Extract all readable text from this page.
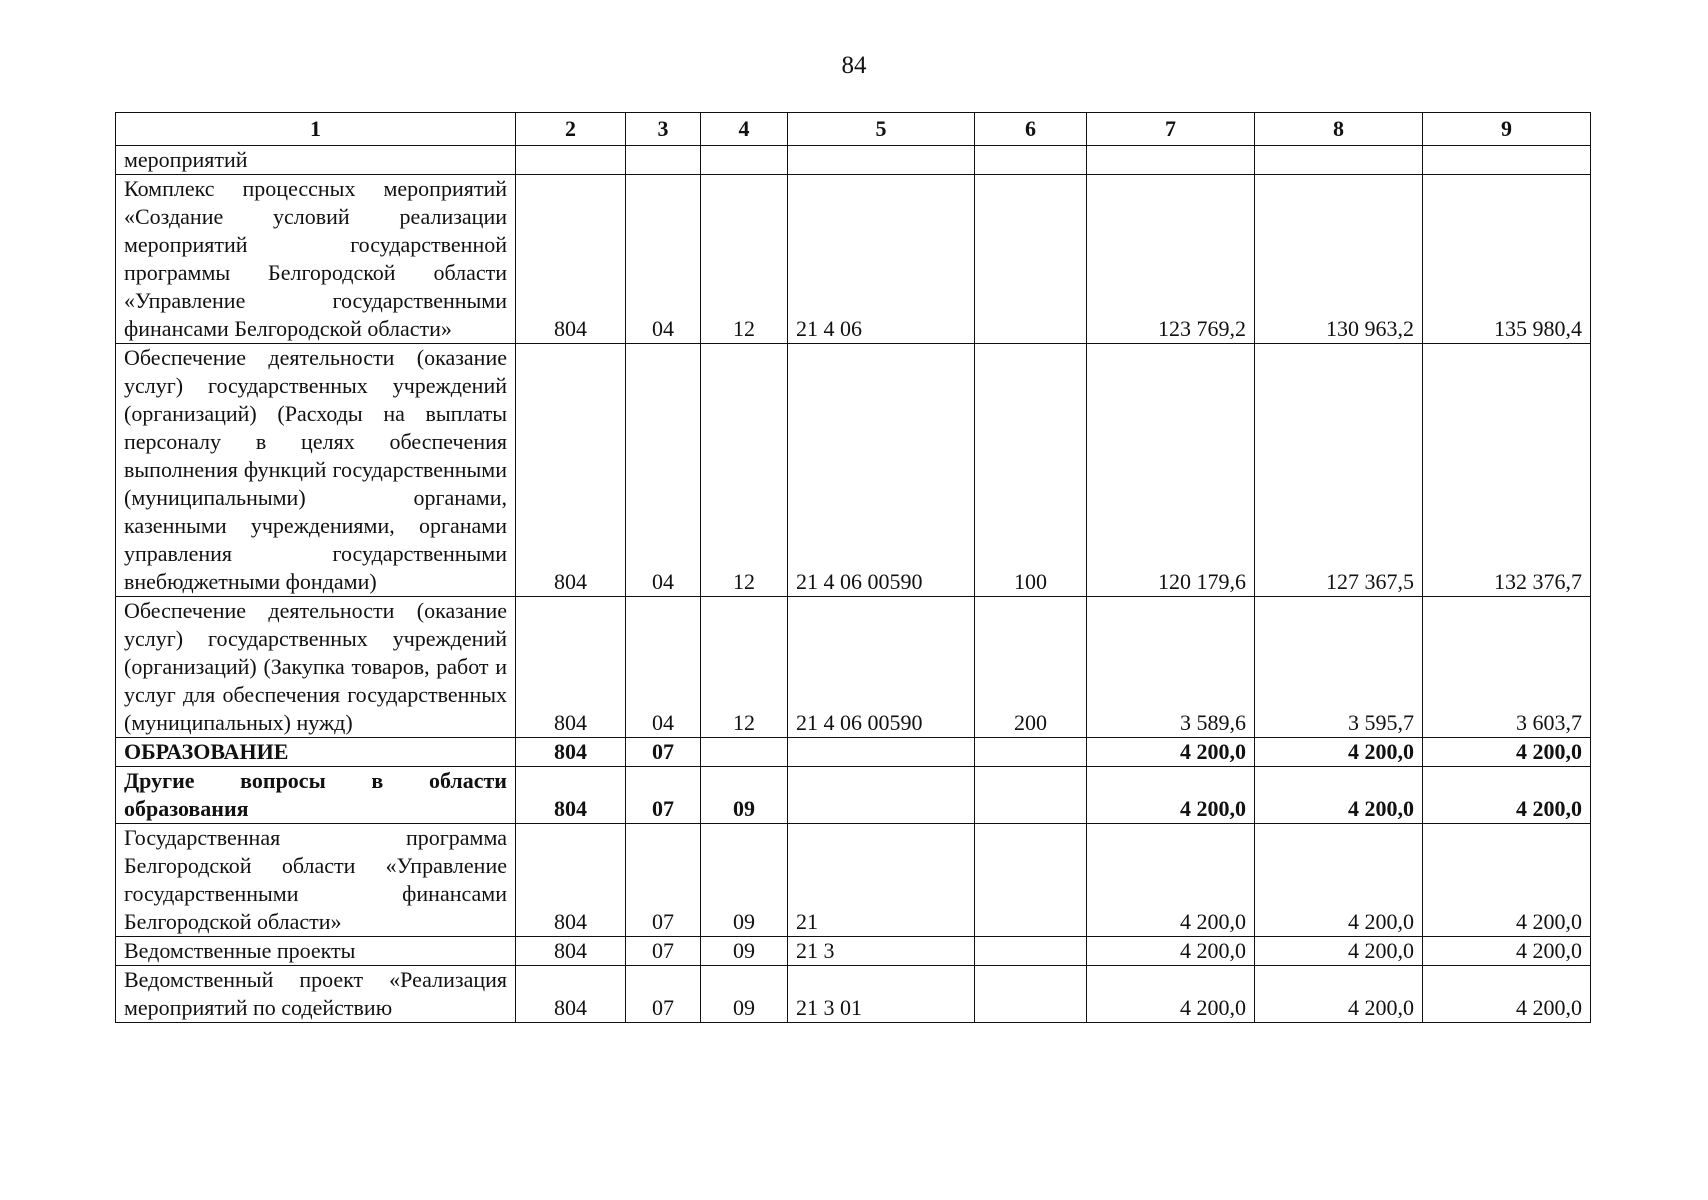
84
1	2	3	4	5	6	7	8	9
мероприятий								
Комплекс процессных мероприятий «Создание условий реализации мероприятий государственной программы Белгородской области «Управление государственными финансами Белгородской области»	804	04	12	21 4 06		123 769,2	130 963,2	135 980,4
Обеспечение деятельности (оказание услуг) государственных учреждений (организаций) (Расходы на выплаты персоналу в целях обеспечения выполнения функций государственными (муниципальными) органами, казенными учреждениями, органами управления государственными внебюджетными фондами)	804	04	12	21 4 06 00590	100	120 179,6	127 367,5	132 376,7
Обеспечение деятельности (оказание услуг) государственных учреждений (организаций) (Закупка товаров, работ и услуг для обеспечения государственных (муниципальных) нужд)	804	04	12	21 4 06 00590	200	3 589,6	3 595,7	3 603,7
ОБРАЗОВАНИЕ	804	07				4 200,0	4 200,0	4 200,0
Другие вопросы в области образования	804	07	09			4 200,0	4 200,0	4 200,0
Государственная программа Белгородской области «Управление государственными финансами Белгородской области»	804	07	09	21		4 200,0	4 200,0	4 200,0
Ведомственные проекты	804	07	09	21 3		4 200,0	4 200,0	4 200,0
Ведомственный проект «Реализация мероприятий по содействию	804	07	09	21 3 01		4 200,0	4 200,0	4 200,0
